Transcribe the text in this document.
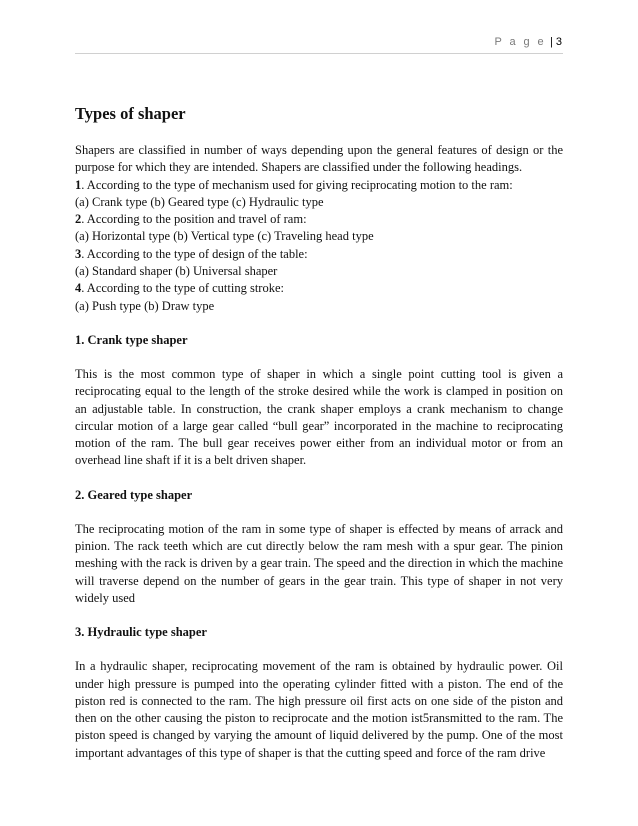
P a g e | 3
Types of shaper

Shapers are classified in number of ways depending upon the general features of design or the purpose for which they are intended. Shapers are classified under the following headings.

1. According to the type of mechanism used for giving reciprocating motion to the ram:
(a) Crank type (b) Geared type (c) Hydraulic type
2. According to the position and travel of ram:
(a) Horizontal type (b) Vertical type (c) Traveling head type
3. According to the type of design of the table:
(a) Standard shaper (b) Universal shaper
4. According to the type of cutting stroke:
(a) Push type (b) Draw type
1. Crank type shaper

This is the most common type of shaper in which a single point cutting tool is given a reciprocating equal to the length of the stroke desired while the work is clamped in position on an adjustable table. In construction, the crank shaper employs a crank mechanism to change circular motion of a large gear called “bull gear” incorporated in the machine to reciprocating motion of the ram. The bull gear receives power either from an individual motor or from an overhead line shaft if it is a belt driven shaper.

2. Geared type shaper

The reciprocating motion of the ram in some type of shaper is effected by means of arrack and pinion. The rack teeth which are cut directly below the ram mesh with a spur gear. The pinion meshing with the rack is driven by a gear train. The speed and the direction in which the machine will traverse depend on the number of gears in the gear train. This type of shaper in not very widely used

3. Hydraulic type shaper

In a hydraulic shaper, reciprocating movement of the ram is obtained by hydraulic power. Oil under high pressure is pumped into the operating cylinder fitted with a piston. The end of the piston red is connected to the ram. The high pressure oil first acts on one side of the piston and then on the other causing the piston to reciprocate and the motion ist5ransmitted to the ram. The piston speed is changed by varying the amount of liquid delivered by the pump. One of the most important advantages of this type of shaper is that the cutting speed and force of the ram drive
